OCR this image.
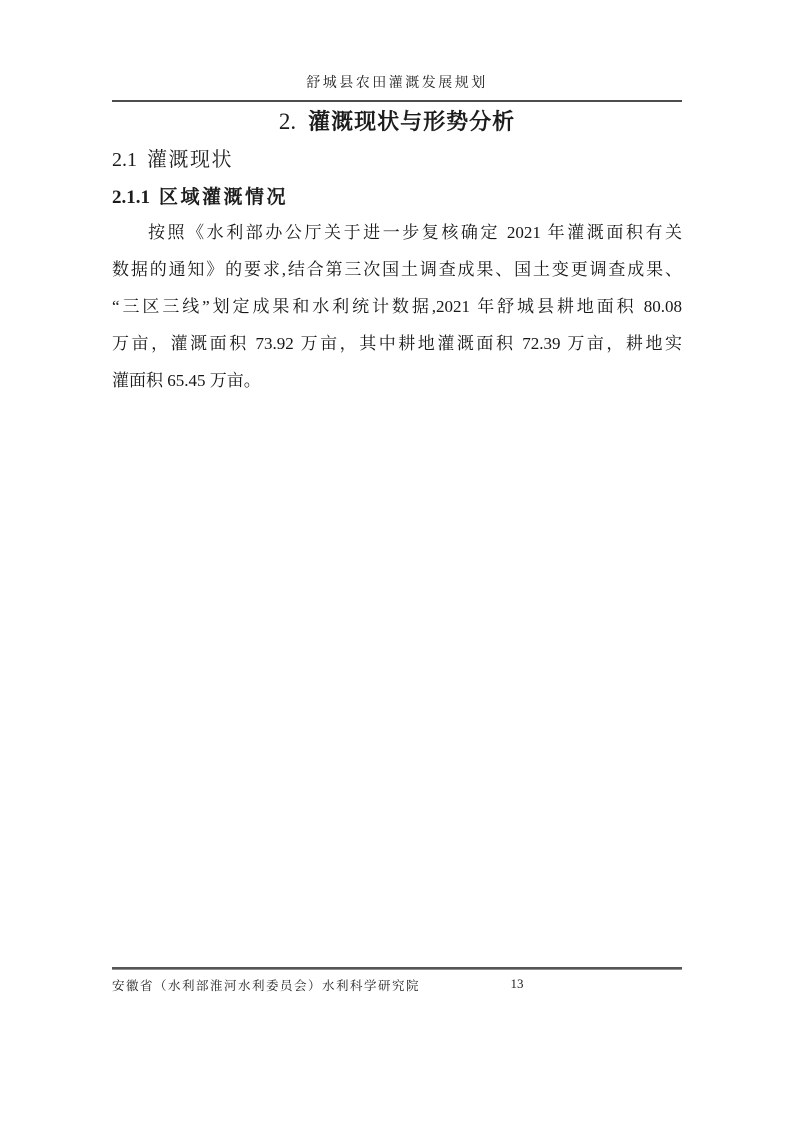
舒城县农田灌溉发展规划
2. 灌溉现状与形势分析
2.1 灌溉现状
2.1.1 区域灌溉情况
按照《水利部办公厅关于进一步复核确定 2021 年灌溉面积有关
数据的通知》的要求,结合第三次国土调查成果、国土变更调查成果、
“三区三线”划定成果和水利统计数据,2021 年舒城县耕地面积 80.08
万亩，灌溉面积 73.92 万亩，其中耕地灌溉面积 72.39 万亩，耕地实
灌面积 65.45 万亩。
安徽省（水利部淮河水利委员会）水利科学研究院	13
